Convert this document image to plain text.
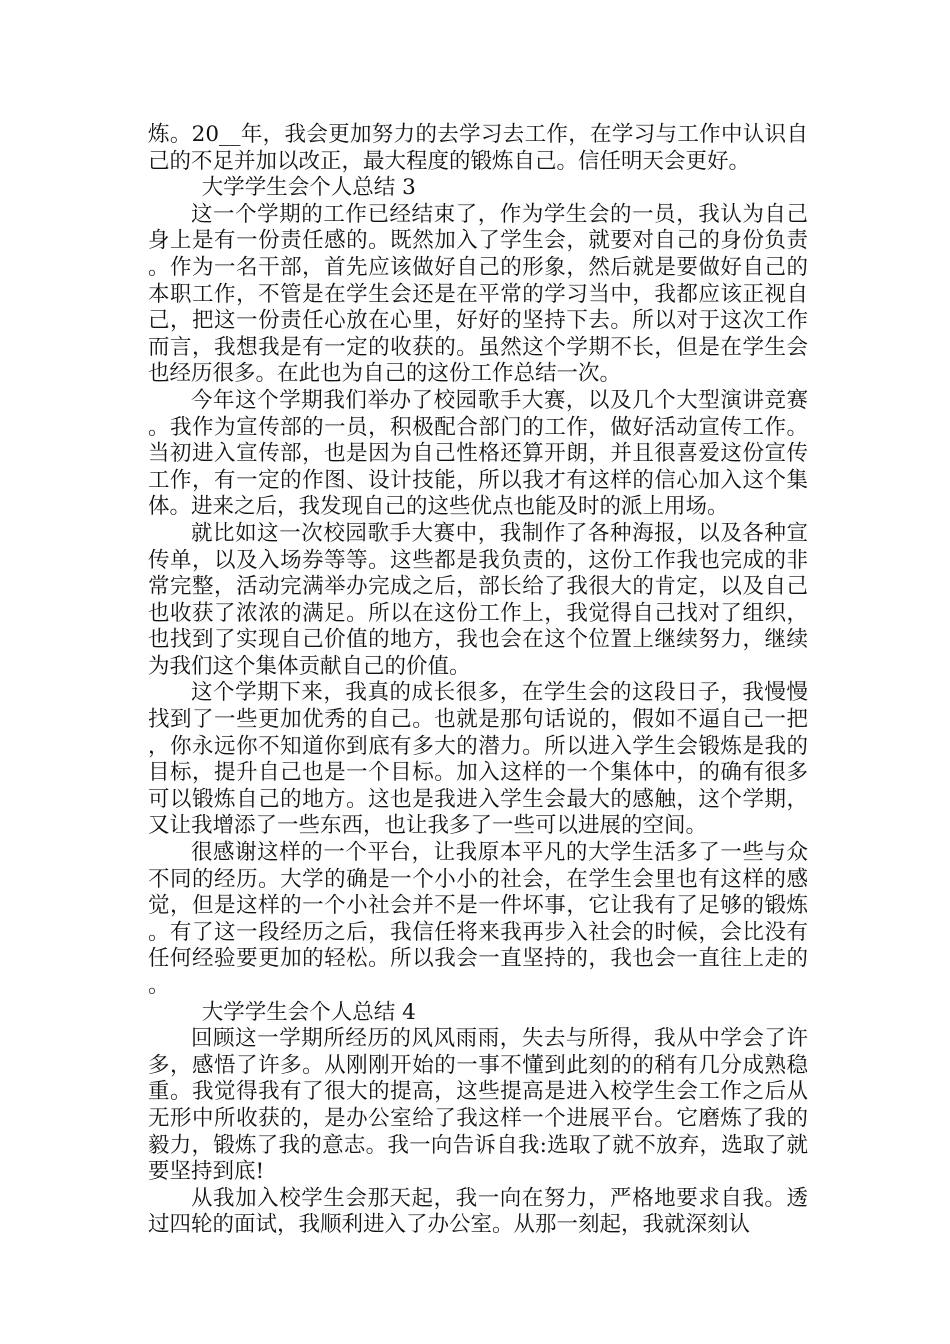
炼。20__年，我会更加努力的去学习去工作，在学习与工作中认识自己的不足并加以改正，最大程度的锻炼自己。信任明天会更好。

大学学生会个人总结 3

这一个学期的工作已经结束了，作为学生会的一员，我认为自己身上是有一份责任感的。既然加入了学生会，就要对自己的身份负责。作为一名干部，首先应该做好自己的形象，然后就是要做好自己的本职工作，不管是在学生会还是在平常的学习当中，我都应该正视自己，把这一份责任心放在心里，好好的坚持下去。所以对于这次工作而言，我想我是有一定的收获的。虽然这个学期不长，但是在学生会也经历很多。在此也为自己的这份工作总结一次。

今年这个学期我们举办了校园歌手大赛，以及几个大型演讲竞赛。我作为宣传部的一员，积极配合部门的工作，做好活动宣传工作。当初进入宣传部，也是因为自己性格还算开朗，并且很喜爱这份宣传工作，有一定的作图、设计技能，所以我才有这样的信心加入这个集体。进来之后，我发现自己的这些优点也能及时的派上用场。

就比如这一次校园歌手大赛中，我制作了各种海报，以及各种宣传单，以及入场券等等。这些都是我负责的，这份工作我也完成的非常完整，活动完满举办完成之后，部长给了我很大的肯定，以及自己也收获了浓浓的满足。所以在这份工作上，我觉得自己找对了组织，也找到了实现自己价值的地方，我也会在这个位置上继续努力，继续为我们这个集体贡献自己的价值。

这个学期下来，我真的成长很多，在学生会的这段日子，我慢慢找到了一些更加优秀的自己。也就是那句话说的，假如不逼自己一把，你永远你不知道你到底有多大的潜力。所以进入学生会锻炼是我的目标，提升自己也是一个目标。加入这样的一个集体中，的确有很多可以锻炼自己的地方。这也是我进入学生会最大的感触，这个学期，又让我增添了一些东西，也让我多了一些可以进展的空间。

很感谢这样的一个平台，让我原本平凡的大学生活多了一些与众不同的经历。大学的确是一个小小的社会，在学生会里也有这样的感觉，但是这样的一个小社会并不是一件坏事，它让我有了足够的锻炼。有了这一段经历之后，我信任将来我再步入社会的时候，会比没有任何经验要更加的轻松。所以我会一直坚持的，我也会一直往上走的。

大学学生会个人总结 4

回顾这一学期所经历的风风雨雨，失去与所得，我从中学会了许多，感悟了许多。从刚刚开始的一事不懂到此刻的的稍有几分成熟稳重。我觉得我有了很大的提高，这些提高是进入校学生会工作之后从无形中所收获的，是办公室给了我这样一个进展平台。它磨炼了我的毅力，锻炼了我的意志。我一向告诉自我:选取了就不放弃，选取了就要坚持到底!

从我加入校学生会那天起，我一向在努力，严格地要求自我。透过四轮的面试，我顺利进入了办公室。从那一刻起，我就深刻认
